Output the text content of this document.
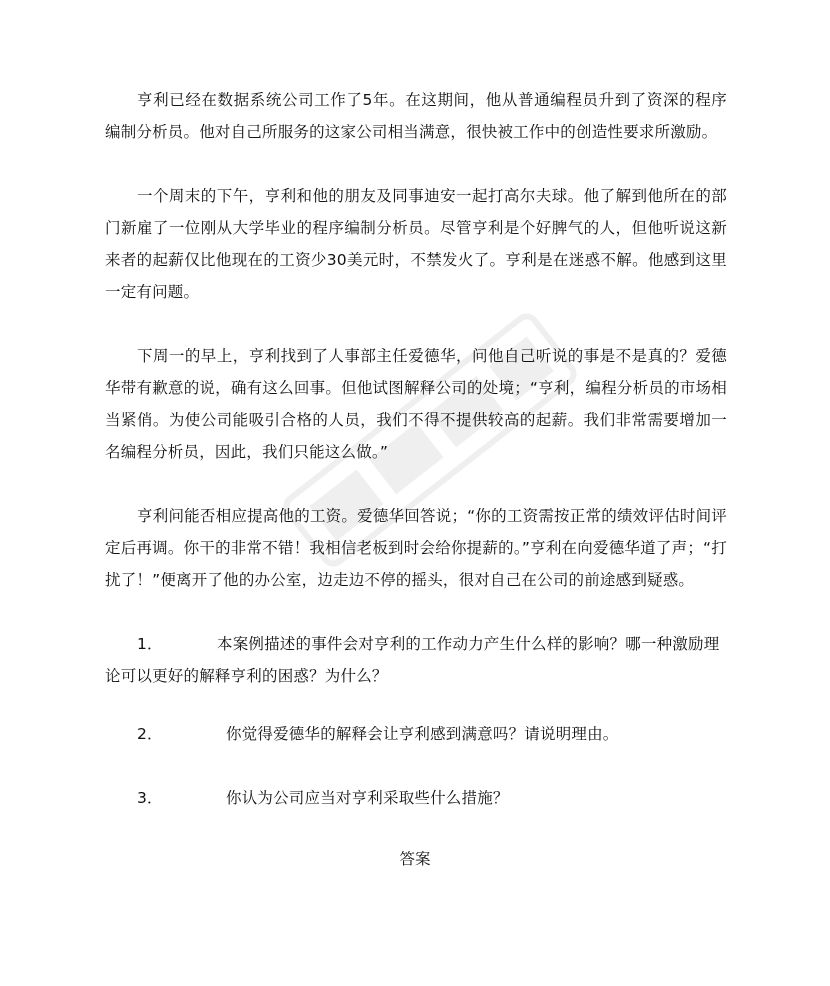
亨利已经在数据系统公司工作了5年。在这期间，他从普通编程员升到了资深的程序编制分析员。他对自己所服务的这家公司相当满意，很快被工作中的创造性要求所激励。

一个周末的下午，亨利和他的朋友及同事迪安一起打高尔夫球。他了解到他所在的部门新雇了一位刚从大学毕业的程序编制分析员。尽管亨利是个好脾气的人，但他听说这新来者的起薪仅比他现在的工资少30美元时，不禁发火了。亨利是在迷惑不解。他感到这里一定有问题。

下周一的早上，亨利找到了人事部主任爱德华，问他自己听说的事是不是真的？爱德华带有歉意的说，确有这么回事。但他试图解释公司的处境；“亨利，编程分析员的市场相当紧俏。为使公司能吸引合格的人员，我们不得不提供较高的起薪。我们非常需要增加一名编程分析员，因此，我们只能这么做。”

亨利问能否相应提高他的工资。爱德华回答说；“你的工资需按正常的绩效评估时间评定后再调。你干的非常不错！我相信老板到时会给你提薪的。”亨利在向爱德华道了声；“打扰了！”便离开了他的办公室，边走边不停的摇头，很对自己在公司的前途感到疑惑。

1．	本案例描述的事件会对亨利的工作动力产生什么样的影响？哪一种激励理论可以更好的解释亨利的困惑？为什么？

2．	你觉得爱德华的解释会让亨利感到满意吗？请说明理由。

3．	你认为公司应当对亨利采取些什么措施？

答案
